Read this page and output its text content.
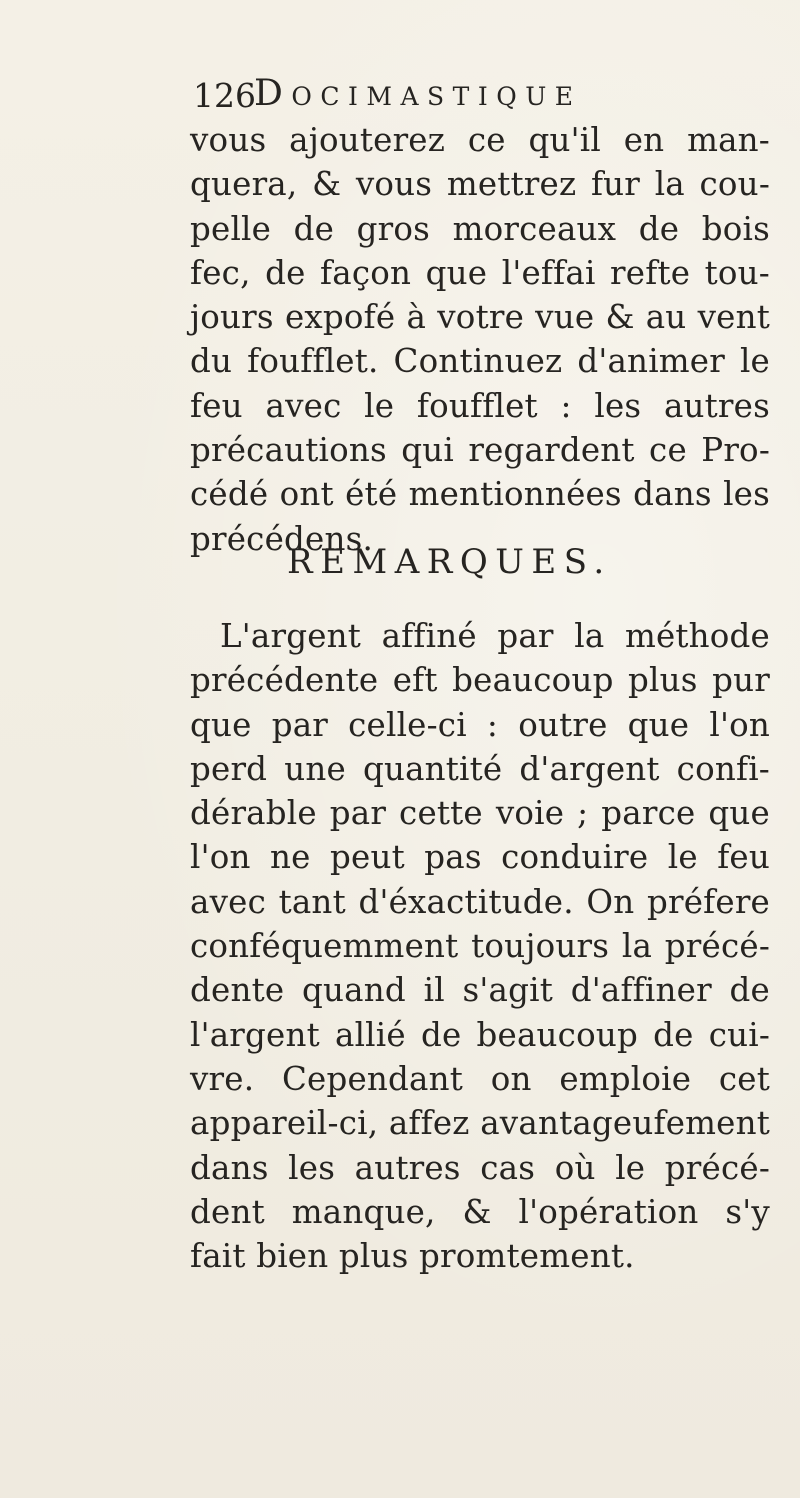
126
Docimastique
vous ajouterez ce qu'il en man-
quera, & vous mettrez fur la cou-
pelle de gros morceaux de bois
fec, de façon que l'effai refte tou-
jours expofé à votre vue & au vent
du foufflet. Continuez d'animer le
feu avec le foufflet : les autres
précautions qui regardent ce Pro-
cédé ont été mentionnées dans les
précédens.
REMARQUES.
L'argent affiné par la méthode
précédente eft beaucoup plus pur
que par celle-ci : outre que l'on
perd une quantité d'argent confi-
dérable par cette voie ; parce que
l'on ne peut pas conduire le feu
avec tant d'éxactitude. On préfere
conféquemment toujours la précé-
dente quand il s'agit d'affiner de
l'argent allié de beaucoup de cui-
vre. Cependant on emploie cet
appareil-ci, affez avantageufement
dans les autres cas où le précé-
dent manque, & l'opération s'y
fait bien plus promtement.
